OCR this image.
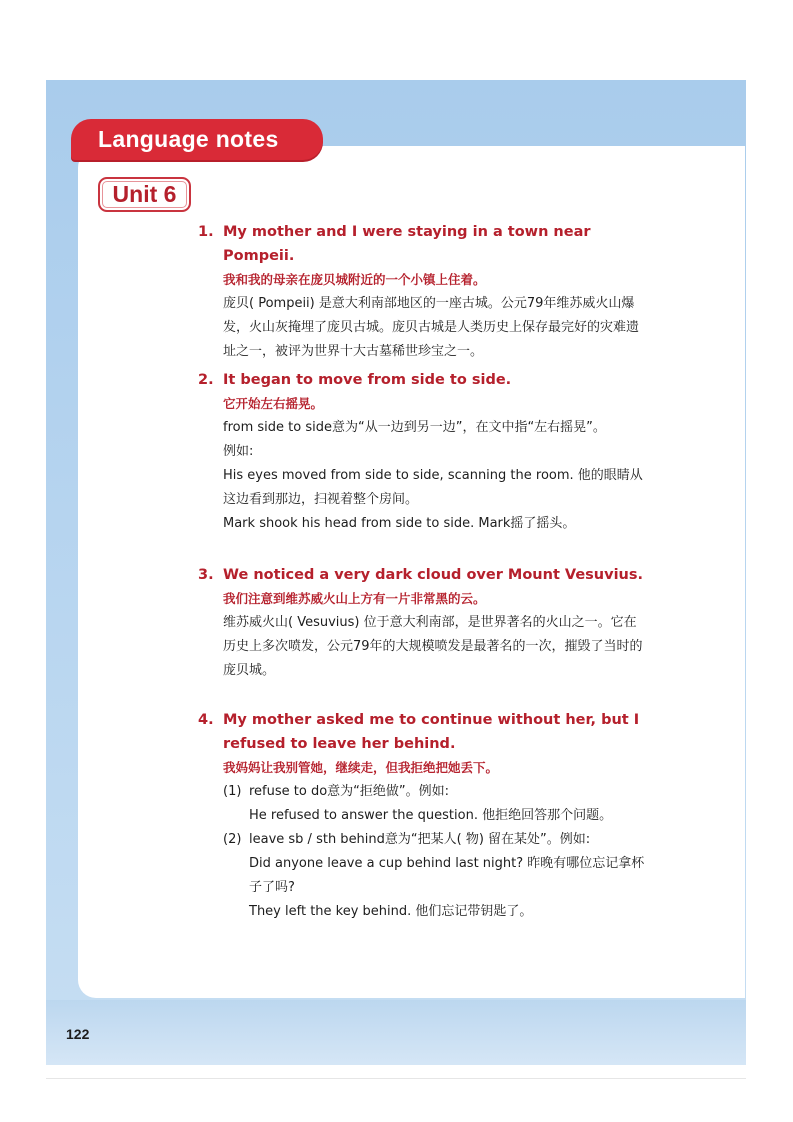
Language notes
Unit 6
1. My mother and I were staying in a town near Pompeii.
我和我的母亲在庞贝城附近的一个小镇上住着。
庞贝( Pompeii) 是意大利南部地区的一座古城。公元79年维苏威火山爆发，火山灰掩埋了庞贝古城。庞贝古城是人类历史上保存最完好的灾难遗址之一，被评为世界十大古墓稀世珍宝之一。
2. It began to move from side to side.
它开始左右摇晃。
from side to side意为“从一边到另一边”，在文中指“左右摇晃”。
例如:
His eyes moved from side to side, scanning the room. 他的眼睛从这边看到那边，扫视着整个房间。
Mark shook his head from side to side. Mark摇了摇头。
3. We noticed a very dark cloud over Mount Vesuvius.
我们注意到维苏威火山上方有一片非常黑的云。
维苏威火山( Vesuvius) 位于意大利南部，是世界著名的火山之一。它在历史上多次喷发，公元79年的大规模喷发是最著名的一次，摧毁了当时的庞贝城。
4. My mother asked me to continue without her, but I refused to leave her behind.
我妈妈让我别管她，继续走，但我拒绝把她丢下。
(1) refuse to do意为“拒绝做”。例如:
He refused to answer the question. 他拒绝回答那个问题。
(2) leave sb / sth behind意为“把某人( 物) 留在某处”。例如:
Did anyone leave a cup behind last night? 昨晚有哪位忘记拿杯子了吗?
They left the key behind. 他们忘记带钥匙了。
122
